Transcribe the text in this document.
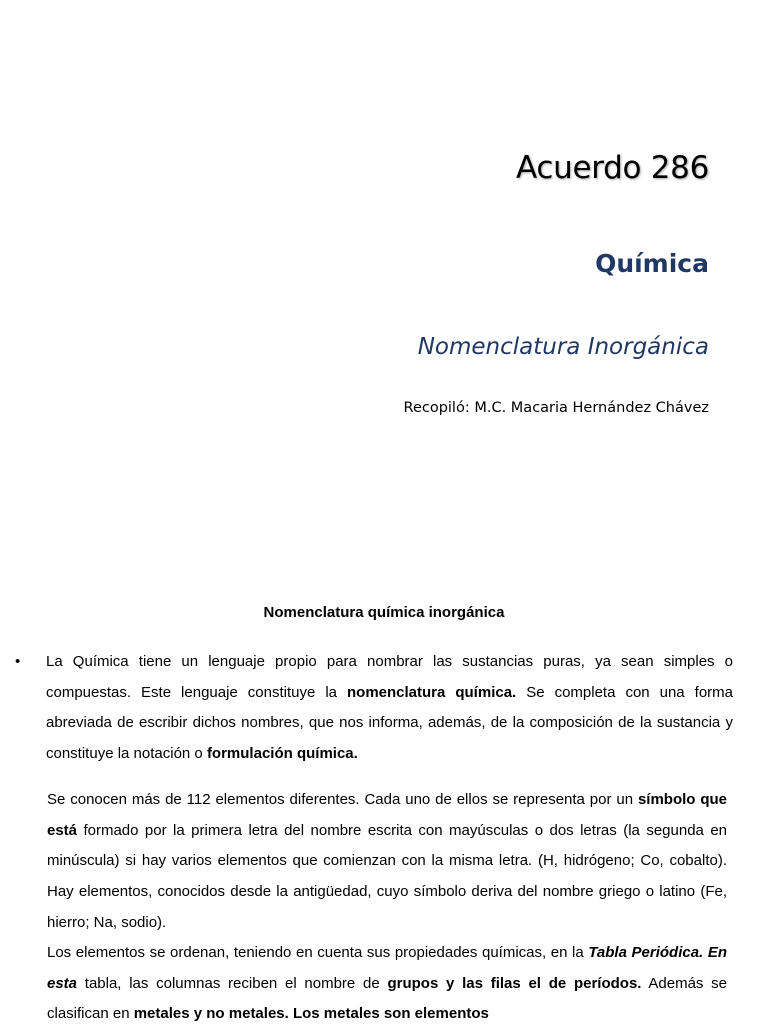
Acuerdo 286
Química
Nomenclatura Inorgánica
Recopiló: M.C. Macaria Hernández Chávez
Nomenclatura química inorgánica
•	La Química tiene un lenguaje propio para nombrar las sustancias puras, ya sean simples o compuestas. Este lenguaje constituye la nomenclatura química. Se completa con una forma abreviada de escribir dichos nombres, que nos informa, además, de la composición de la sustancia y constituye la notación o formulación química.
Se conocen más de 112 elementos diferentes. Cada uno de ellos se representa por un símbolo que está formado por la primera letra del nombre escrita con mayúsculas o dos letras (la segunda en minúscula) si hay varios elementos que comienzan con la misma letra. (H, hidrógeno; Co, cobalto). Hay elementos, conocidos desde la antigüedad, cuyo símbolo deriva del nombre griego o latino (Fe, hierro; Na, sodio).
Los elementos se ordenan, teniendo en cuenta sus propiedades químicas, en la Tabla Periódica. En esta tabla, las columnas reciben el nombre de grupos y las filas el de períodos. Además se clasifican en metales y no metales. Los metales son elementos
